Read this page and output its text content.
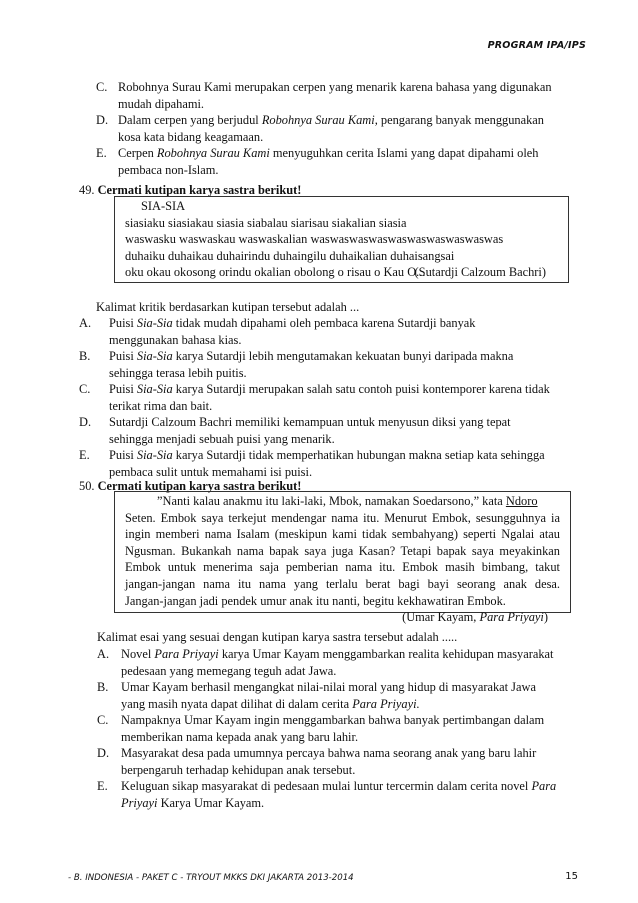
PROGRAM IPA/IPS
C. Robohnya Surau Kami merupakan cerpen yang menarik karena bahasa yang digunakan
mudah dipahami.
D. Dalam cerpen yang berjudul Robohnya Surau Kami, pengarang banyak menggunakan
kosa kata bidang keagamaan.
E. Cerpen Robohnya Surau Kami menyuguhkan cerita Islami yang dapat dipahami oleh
pembaca non-Islam.
49. Cermati kutipan karya sastra berikut!
SIA-SIA
siasiaku siasiakau siasia siabalau siarisau siakalian siasia
waswasku waswaskau waswaskalian waswaswaswaswaswaswaswaswaswas
duhaiku duhaikau duhairindu duhaingilu duhaikalian duhaisangsai
oku okau okosong orindu okalian obolong o risau o Kau O...
(Sutardji Calzoum Bachri)
Kalimat kritik berdasarkan kutipan tersebut adalah ...
A. Puisi Sia-Sia tidak mudah dipahami oleh pembaca karena Sutardji banyak
menggunakan bahasa kias.
B. Puisi Sia-Sia karya Sutardji lebih mengutamakan kekuatan bunyi daripada makna
sehingga terasa lebih puitis.
C. Puisi Sia-Sia karya Sutardji merupakan salah satu contoh puisi kontemporer karena tidak
terikat rima dan bait.
D. Sutardji Calzoum Bachri memiliki kemampuan untuk menyusun diksi yang tepat
sehingga menjadi sebuah puisi yang menarik.
E. Puisi Sia-Sia karya Sutardji tidak memperhatikan hubungan makna setiap kata sehingga
pembaca sulit untuk memahami isi puisi.
50. Cermati kutipan karya sastra berikut!
”Nanti kalau anakmu itu laki-laki, Mbok, namakan Soedarsono,” kata Ndoro
Seten. Embok saya terkejut mendengar nama itu. Menurut Embok, sesungguhnya ia
ingin memberi nama Isalam (meskipun kami tidak sembahyang) seperti Ngalai atau
Ngusman. Bukankah nama bapak saya juga Kasan? Tetapi bapak saya meyakinkan
Embok untuk menerima saja pemberian nama itu. Embok masih bimbang, takut
jangan-jangan nama itu nama yang terlalu berat bagi bayi seorang anak desa.
Jangan-jangan jadi pendek umur anak itu nanti, begitu kekhawatiran Embok.
(Umar Kayam, Para Priyayi)
Kalimat esai yang sesuai dengan kutipan karya sastra tersebut adalah .....
A. Novel Para Priyayi karya Umar Kayam menggambarkan realita kehidupan masyarakat
pedesaan yang memegang teguh adat Jawa.
B. Umar Kayam berhasil mengangkat nilai-nilai moral yang hidup di masyarakat Jawa
yang masih nyata dapat dilihat di dalam cerita Para Priyayi.
C. Nampaknya Umar Kayam ingin menggambarkan bahwa banyak pertimbangan dalam
memberikan nama kepada anak yang baru lahir.
D. Masyarakat desa pada umumnya percaya bahwa nama seorang anak yang baru lahir
berpengaruh terhadap kehidupan anak tersebut.
E. Keluguan sikap masyarakat di pedesaan mulai luntur tercermin dalam cerita novel Para
Priyayi Karya Umar Kayam.
- B. INDONESIA - PAKET C - TRYOUT MKKS DKI JAKARTA 2013-2014	15
